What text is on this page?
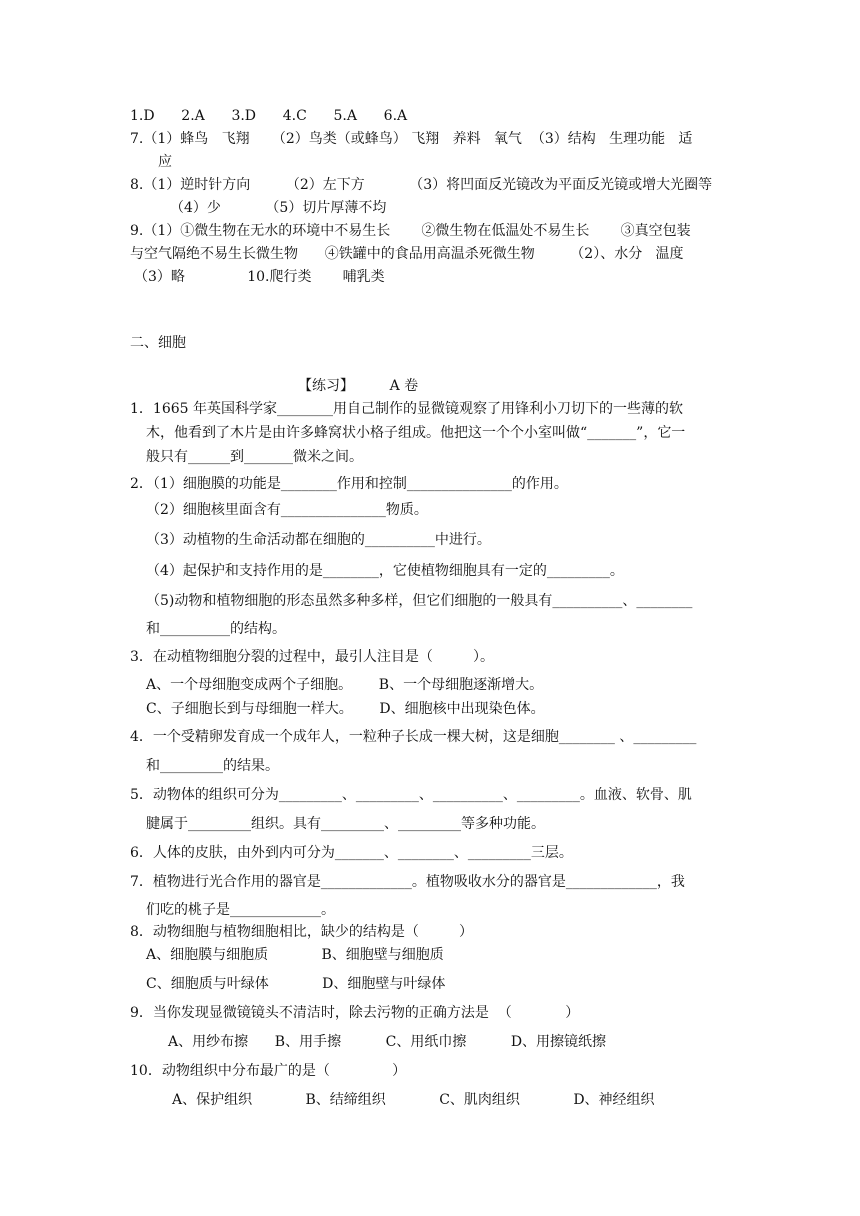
1.D      2.A      3.D      4.C      5.A      6.A
7.（1）蜂鸟   飞翔     （2）鸟类（或蜂鸟） 飞翔   养料   氧气  （3）结构   生理功能   适
应
8.（1）逆时针方向        （2）左下方          （3）将凹面反光镜改为平面反光镜或增大光圈等
（4）少          （5）切片厚薄不均
9.（1）①微生物在无水的环境中不易生长       ②微生物在低温处不易生长       ③真空包装
与空气隔绝不易生长微生物      ④铁罐中的食品用高温杀死微生物        （2）、水分   温度
（3）略              10.爬行类       哺乳类
二、细胞
【练习】        A 卷
1．1665 年英国科学家________用自己制作的显微镜观察了用锋利小刀切下的一些薄的软
木，他看到了木片是由许多蜂窝状小格子组成。他把这一个个小室叫做“_______”，它一
般只有______到_______微米之间。
2．（1）细胞膜的功能是________作用和控制_______________的作用。
（2）细胞核里面含有_______________物质。
（3）动植物的生命活动都在细胞的__________中进行。
（4）起保护和支持作用的是________，它使植物细胞具有一定的_________。
（5)动物和植物细胞的形态虽然多种多样，但它们细胞的一般具有__________、________
和__________的结构。
3．在动植物细胞分裂的过程中，最引人注目是（         ）。
A、一个母细胞变成两个子细胞。      B、一个母细胞逐渐增大。
C、子细胞长到与母细胞一样大。      D、细胞核中出现染色体。
4．一个受精卵发育成一个成年人，一粒种子长成一棵大树，这是细胞________ 、_________
和_________的结果。
5．动物体的组织可分为_________、_________、__________、_________。血液、软骨、肌
腱属于_________组织。具有_________、_________等多种功能。
6．人体的皮肤，由外到内可分为_______、________、_________三层。
7．植物进行光合作用的器官是_____________。植物吸收水分的器官是_____________，我
们吃的桃子是_____________。
8．动物细胞与植物细胞相比，缺少的结构是（         ）
A、细胞膜与细胞质            B、细胞壁与细胞质
C、细胞质与叶绿体            D、细胞壁与叶绿体
9．当你发现显微镜镜头不清洁时，除去污物的正确方法是  （            ）
A、用纱布擦      B、用手擦          C、用纸巾擦          D、用擦镜纸擦
10．动物组织中分布最广的是（              ）
A、保护组织            B、结缔组织            C、肌肉组织            D、神经组织
